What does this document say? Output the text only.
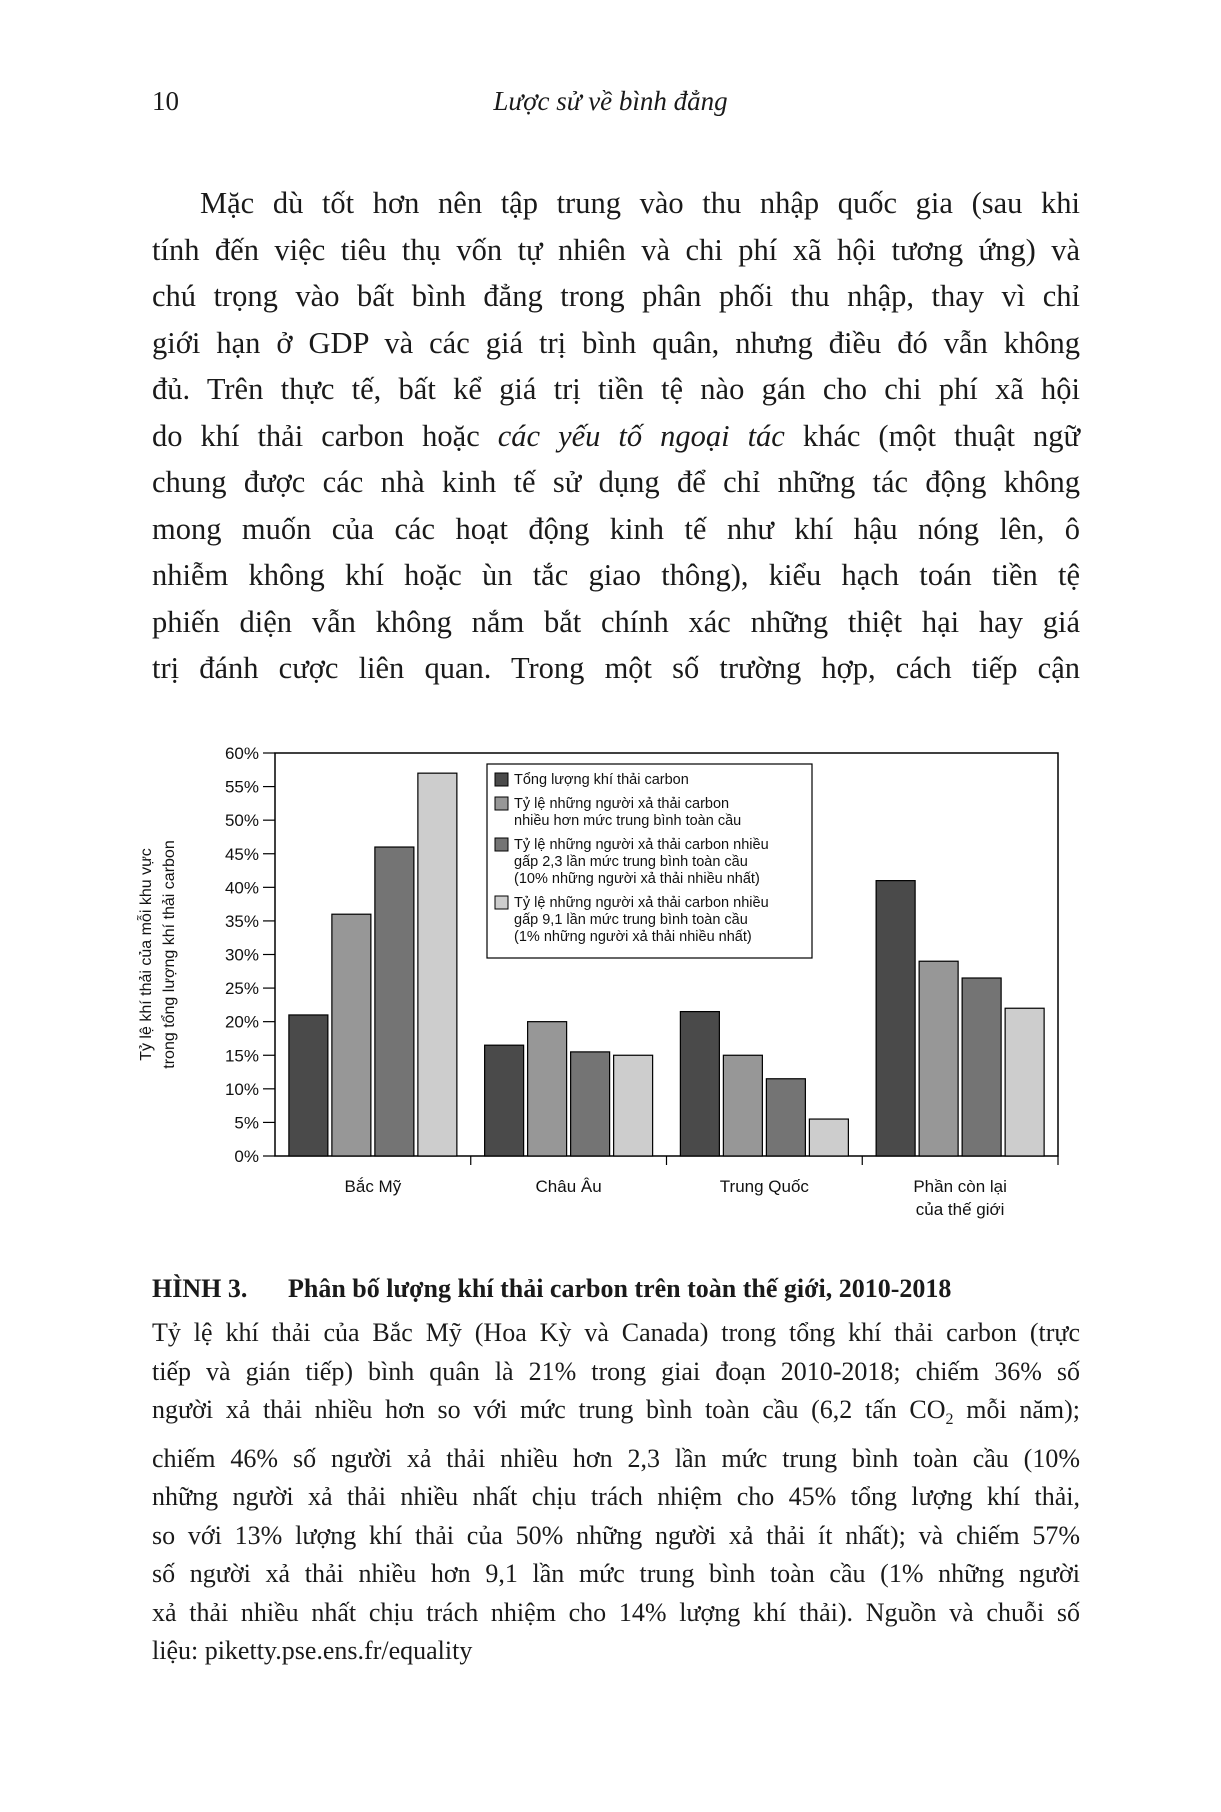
10	Lược sử về bình đẳng

Mặc dù tốt hơn nên tập trung vào thu nhập quốc gia (sau khi
tính đến việc tiêu thụ vốn tự nhiên và chi phí xã hội tương ứng) và
chú trọng vào bất bình đẳng trong phân phối thu nhập, thay vì chỉ
giới hạn ở GDP và các giá trị bình quân, nhưng điều đó vẫn không
đủ. Trên thực tế, bất kể giá trị tiền tệ nào gán cho chi phí xã hội
do khí thải carbon hoặc các yếu tố ngoại tác khác (một thuật ngữ
chung được các nhà kinh tế sử dụng để chỉ những tác động không
mong muốn của các hoạt động kinh tế như khí hậu nóng lên, ô
nhiễm không khí hoặc ùn tắc giao thông), kiểu hạch toán tiền tệ
phiến diện vẫn không nắm bắt chính xác những thiệt hại hay giá
trị đánh cược liên quan. Trong một số trường hợp, cách tiếp cận

0%
5%
10%
15%
20%
25%
30%
35%
40%
45%
50%
55%
60%
Tỷ lệ khí thải của mỗi khu vực trong tổng lượng khí thải carbon
Bắc Mỹ	Châu Âu	Trung Quốc	Phần còn lại
của thế giới
Tổng lượng khí thải carbon
Tỷ lệ những người xả thải carbon
nhiều hơn mức trung bình toàn cầu
Tỷ lệ những người xả thải carbon nhiều
gấp 2,3 lần mức trung bình toàn cầu
(10% những người xả thải nhiều nhất)
Tỷ lệ những người xả thải carbon nhiều
gấp 9,1 lần mức trung bình toàn cầu
(1% những người xả thải nhiều nhất)

HÌNH 3. Phân bố lượng khí thải carbon trên toàn thế giới, 2010-2018

Tỷ lệ khí thải của Bắc Mỹ (Hoa Kỳ và Canada) trong tổng khí thải carbon (trực
tiếp và gián tiếp) bình quân là 21% trong giai đoạn 2010-2018; chiếm 36% số
người xả thải nhiều hơn so với mức trung bình toàn cầu (6,2 tấn $CO_2$ mỗi năm);
chiếm 46% số người xả thải nhiều hơn 2,3 lần mức trung bình toàn cầu (10%
những người xả thải nhiều nhất chịu trách nhiệm cho 45% tổng lượng khí thải,
so với 13% lượng khí thải của 50% những người xả thải ít nhất); và chiếm 57%
số người xả thải nhiều hơn 9,1 lần mức trung bình toàn cầu (1% những người
xả thải nhiều nhất chịu trách nhiệm cho 14% lượng khí thải). Nguồn và chuỗi số
liệu: piketty.pse.ens.fr/equality
